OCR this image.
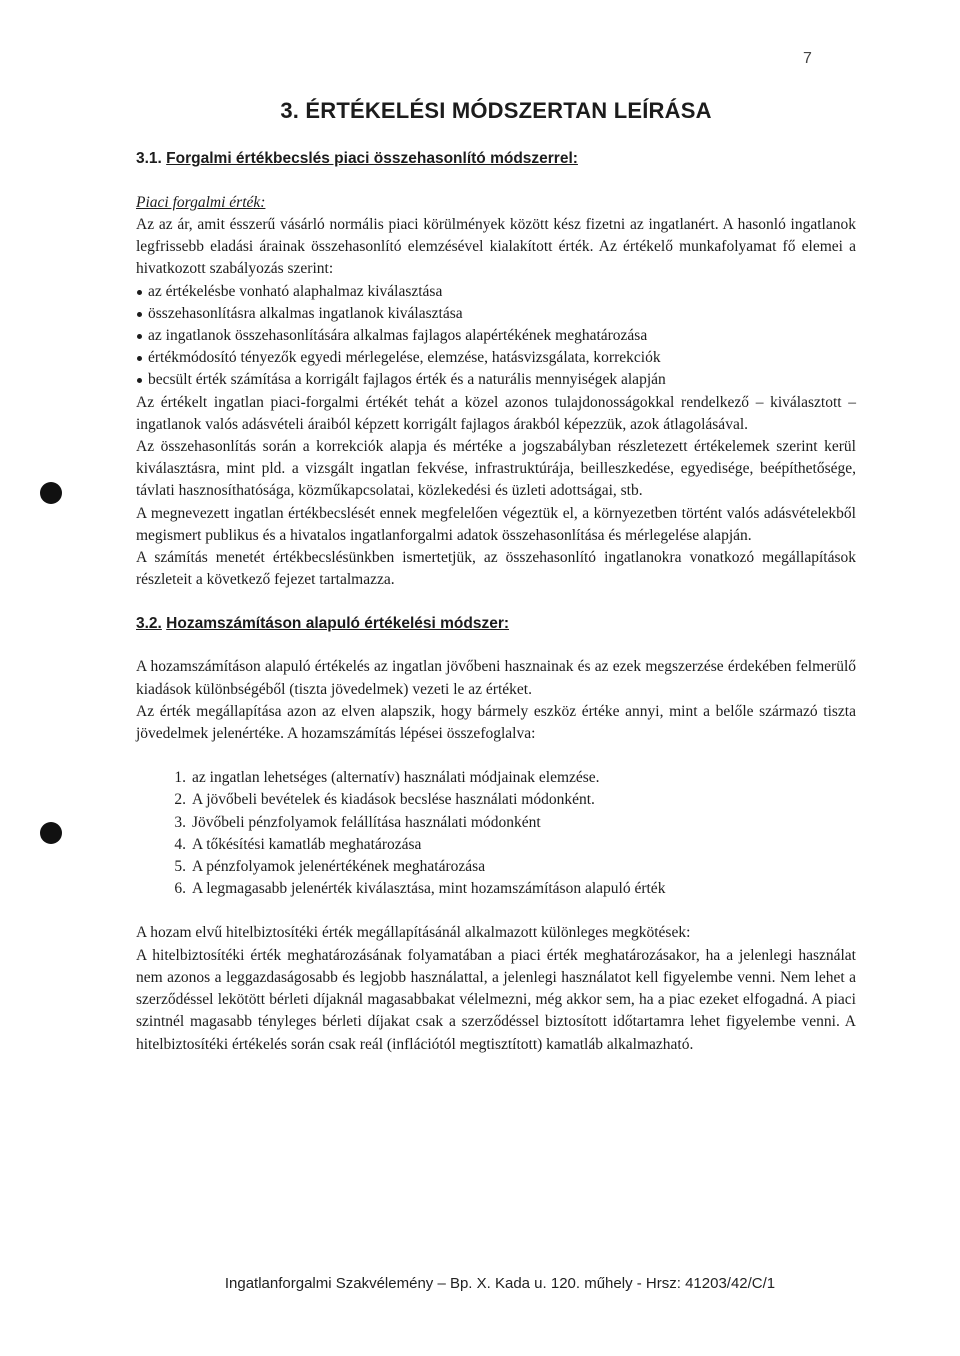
7
3. ÉRTÉKELÉSI MÓDSZERTAN LEÍRÁSA
3.1. Forgalmi értékbecslés piaci összehasonlító módszerrel:
Piaci forgalmi érték:

Az az ár, amit ésszerű vásárló normális piaci körülmények között kész fizetni az ingatlanért. A hasonló ingatlanok legfrissebb eladási árainak összehasonlító elemzésével kialakított érték. Az értékelő munkafolyamat fő elemei a hivatkozott szabályozás szerint:

az értékelésbe vonható alaphalmaz kiválasztása
összehasonlításra alkalmas ingatlanok kiválasztása
az ingatlanok összehasonlítására alkalmas fajlagos alapértékének meghatározása
értékmódosító tényezők egyedi mérlegelése, elemzése, hatásvizsgálata, korrekciók
becsült érték számítása a korrigált fajlagos érték és a naturális mennyiségek alapján

Az értékelt ingatlan piaci-forgalmi értékét tehát a közel azonos tulajdonosságokkal rendelkező – kiválasztott – ingatlanok valós adásvételi áraiból képzett korrigált fajlagos árakból képezzük, azok átlagolásával.

Az összehasonlítás során a korrekciók alapja és mértéke a jogszabályban részletezett értékelemek szerint kerül kiválasztásra, mint pld. a vizsgált ingatlan fekvése, infrastruktúrája, beilleszkedése, egyedisége, beépíthetősége, távlati hasznosíthatósága, közműkapcsolatai, közlekedési és üzleti adottságai, stb.

A megnevezett ingatlan értékbecslését ennek megfelelően végeztük el, a környezetben történt valós adásvételekből megismert publikus és a hivatalos ingatlanforgalmi adatok összehasonlítása és mérlegelése alapján.

A számítás menetét értékbecslésünkben ismertetjük, az összehasonlító ingatlanokra vonatkozó megállapítások részleteit a következő fejezet tartalmazza.

3.2. Hozamszámításon alapuló értékelési módszer:

A hozamszámításon alapuló értékelés az ingatlan jövőbeni hasznainak és az ezek megszerzése érdekében felmerülő kiadások különbségéből (tiszta jövedelmek) vezeti le az értéket.

Az érték megállapítása azon az elven alapszik, hogy bármely eszköz értéke annyi, mint a belőle származó tiszta jövedelmek jelenértéke. A hozamszámítás lépései összefoglalva:

1. az ingatlan lehetséges (alternatív) használati módjainak elemzése.
2. A jövőbeli bevételek és kiadások becslése használati módonként.
3. Jövőbeli pénzfolyamok felállítása használati módonként
4. A tőkésítési kamatláb meghatározása
5. A pénzfolyamok jelenértékének meghatározása
6. A legmagasabb jelenérték kiválasztása, mint hozamszámításon alapuló érték

A hozam elvű hitelbiztosítéki érték megállapításánál alkalmazott különleges megkötések:

A hitelbiztosítéki érték meghatározásának folyamatában a piaci érték meghatározásakor, ha a jelenlegi használat nem azonos a leggazdaságosabb és legjobb használattal, a jelenlegi használatot kell figyelembe venni. Nem lehet a szerződéssel lekötött bérleti díjaknál magasabbakat vélelmezni, még akkor sem, ha a piac ezeket elfogadná. A piaci szintnél magasabb tényleges bérleti díjakat csak a szerződéssel biztosított időtartamra lehet figyelembe venni. A hitelbiztosítéki értékelés során csak reál (inflációtól megtisztított) kamatláb alkalmazható.

Ingatlanforgalmi Szakvélemény – Bp. X. Kada u. 120. műhely - Hrsz: 41203/42/C/1
